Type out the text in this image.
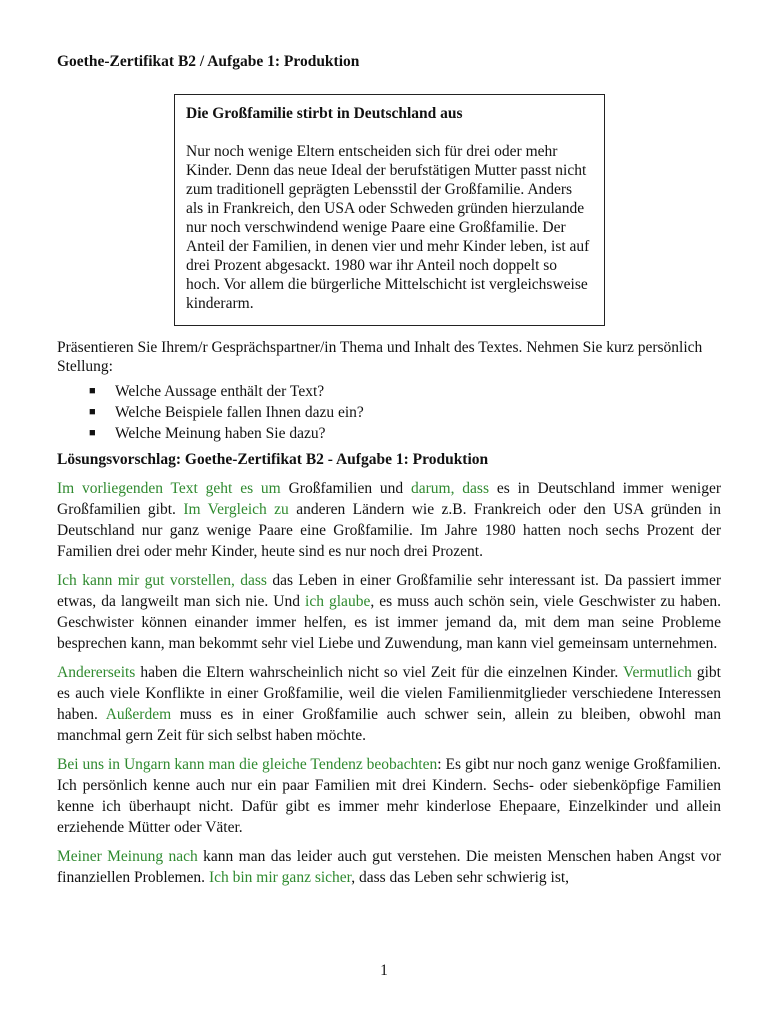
Goethe-Zertifikat B2 / Aufgabe 1: Produktion

Die Großfamilie stirbt in Deutschland aus

Nur noch wenige Eltern entscheiden sich für drei oder mehr Kinder. Denn das neue Ideal der berufstätigen Mutter passt nicht zum traditionell geprägten Lebensstil der Großfamilie. Anders als in Frankreich, den USA oder Schweden gründen hierzulande nur noch verschwindend wenige Paare eine Großfamilie. Der Anteil der Familien, in denen vier und mehr Kinder leben, ist auf drei Prozent abgesackt. 1980 war ihr Anteil noch doppelt so hoch. Vor allem die bürgerliche Mittelschicht ist vergleichsweise kinderarm.

Präsentieren Sie Ihrem/r Gesprächspartner/in Thema und Inhalt des Textes. Nehmen Sie kurz persönlich Stellung:

■ Welche Aussage enthält der Text?
■ Welche Beispiele fallen Ihnen dazu ein?
■ Welche Meinung haben Sie dazu?

Lösungsvorschlag: Goethe-Zertifikat B2 - Aufgabe 1: Produktion

Im vorliegenden Text geht es um Großfamilien und darum, dass es in Deutschland immer weniger Großfamilien gibt. Im Vergleich zu anderen Ländern wie z.B. Frankreich oder den USA gründen in Deutschland nur ganz wenige Paare eine Großfamilie. Im Jahre 1980 hatten noch sechs Prozent der Familien drei oder mehr Kinder, heute sind es nur noch drei Prozent.

Ich kann mir gut vorstellen, dass das Leben in einer Großfamilie sehr interessant ist. Da passiert immer etwas, da langweilt man sich nie. Und ich glaube, es muss auch schön sein, viele Geschwister zu haben. Geschwister können einander immer helfen, es ist immer jemand da, mit dem man seine Probleme besprechen kann, man bekommt sehr viel Liebe und Zuwendung, man kann viel gemeinsam unternehmen.

Andererseits haben die Eltern wahrscheinlich nicht so viel Zeit für die einzelnen Kinder. Vermutlich gibt es auch viele Konflikte in einer Großfamilie, weil die vielen Familienmitglieder verschiedene Interessen haben. Außerdem muss es in einer Großfamilie auch schwer sein, allein zu bleiben, obwohl man manchmal gern Zeit für sich selbst haben möchte.

Bei uns in Ungarn kann man die gleiche Tendenz beobachten: Es gibt nur noch ganz wenige Großfamilien. Ich persönlich kenne auch nur ein paar Familien mit drei Kindern. Sechs- oder siebenköpfige Familien kenne ich überhaupt nicht. Dafür gibt es immer mehr kinderlose Ehepaare, Einzelkinder und allein erziehende Mütter oder Väter.

Meiner Meinung nach kann man das leider auch gut verstehen. Die meisten Menschen haben Angst vor finanziellen Problemen. Ich bin mir ganz sicher, dass das Leben sehr schwierig ist,

1
